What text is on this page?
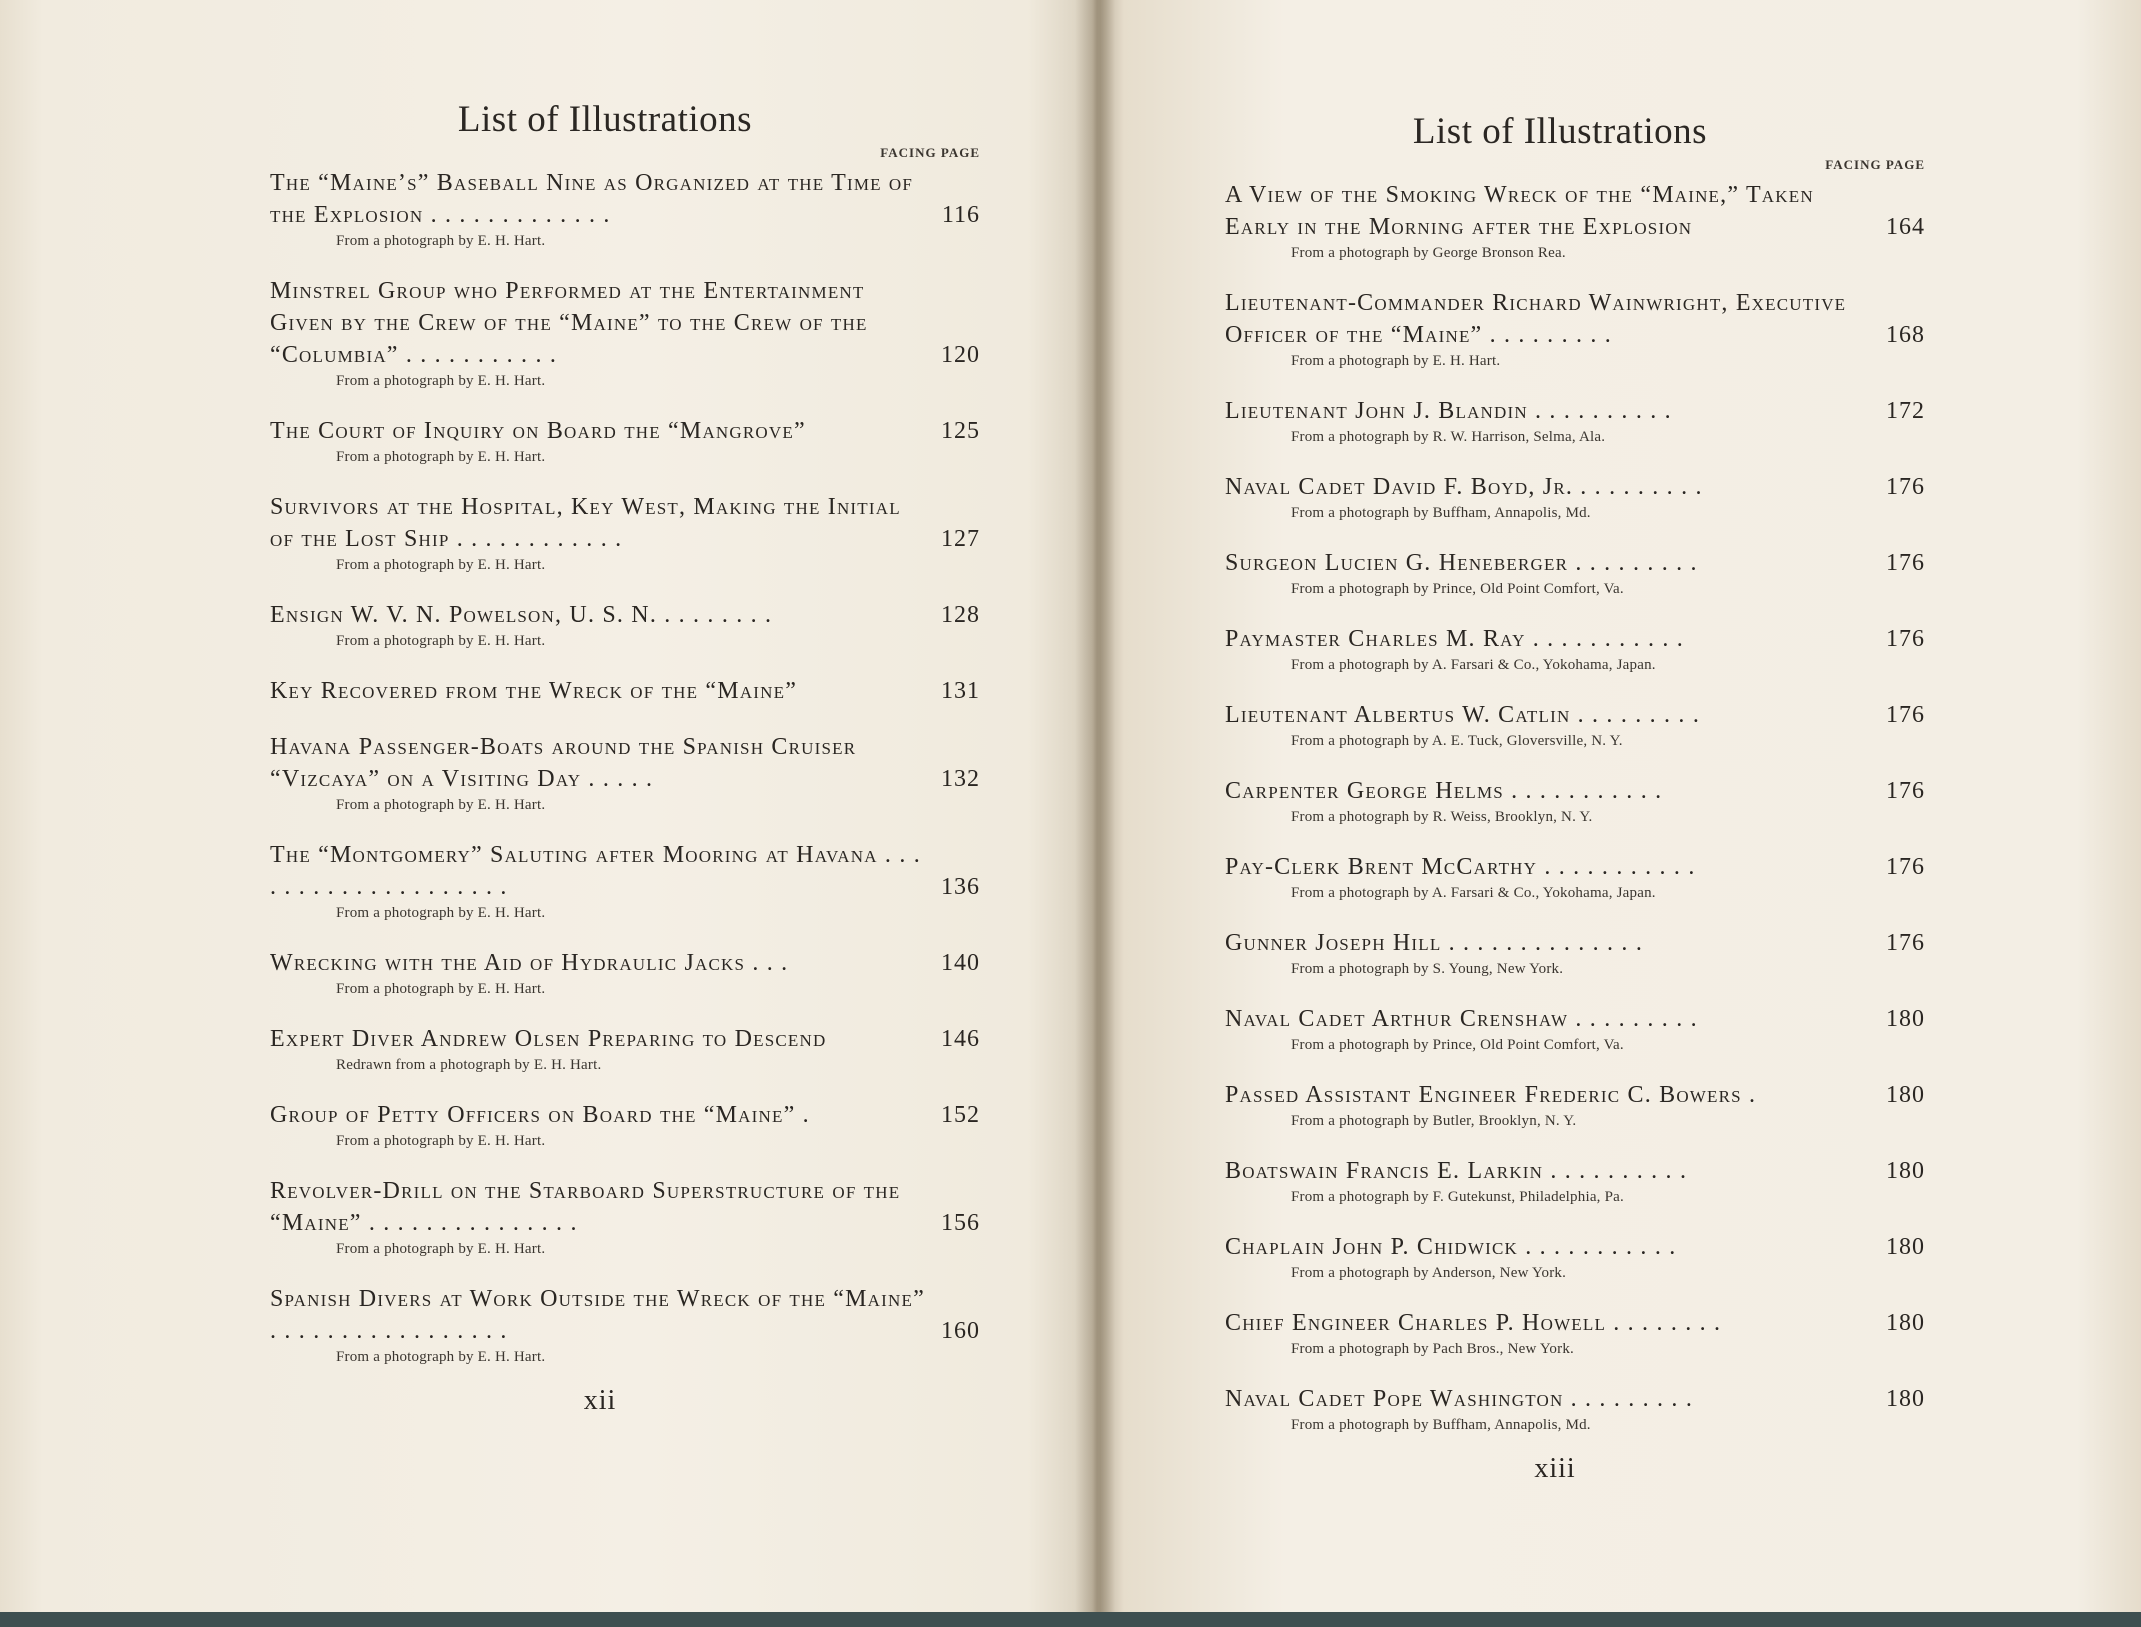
List of Illustrations
FACING PAGE
The “Maine’s” Baseball Nine as Organized at the Time of the Explosion . . . . . . . . . . . . .	116
From a photograph by E. H. Hart.
Minstrel Group who Performed at the Entertainment Given by the Crew of the “Maine” to the Crew of the “Columbia” . . . . . . . . . . .	120
From a photograph by E. H. Hart.
The Court of Inquiry on Board the “Mangrove”	125
From a photograph by E. H. Hart.
Survivors at the Hospital, Key West, Making the Initial of the Lost Ship . . . . . . . . . . . .	127
From a photograph by E. H. Hart.
Ensign W. V. N. Powelson, U. S. N. . . . . . . . .	128
From a photograph by E. H. Hart.
Key Recovered from the Wreck of the “Maine”	131
Havana Passenger-Boats around the Spanish Cruiser “Vizcaya” on a Visiting Day . . . . .	132
From a photograph by E. H. Hart.
The “Montgomery” Saluting after Mooring at Havana . . . . . . . . . . . . . . . . . . . .	136
From a photograph by E. H. Hart.
Wrecking with the Aid of Hydraulic Jacks . . .	140
From a photograph by E. H. Hart.
Expert Diver Andrew Olsen Preparing to Descend	146
Redrawn from a photograph by E. H. Hart.
Group of Petty Officers on Board the “Maine” .	152
From a photograph by E. H. Hart.
Revolver-Drill on the Starboard Superstructure of the “Maine” . . . . . . . . . . . . . . .	156
From a photograph by E. H. Hart.
Spanish Divers at Work Outside the Wreck of the “Maine” . . . . . . . . . . . . . . . . .	160
From a photograph by E. H. Hart.
xii
List of Illustrations
FACING PAGE
A View of the Smoking Wreck of the “Maine,” Taken Early in the Morning after the Explosion	164
From a photograph by George Bronson Rea.
Lieutenant-Commander Richard Wainwright, Executive Officer of the “Maine” . . . . . . . . .	168
From a photograph by E. H. Hart.
Lieutenant John J. Blandin . . . . . . . . . .	172
From a photograph by R. W. Harrison, Selma, Ala.
Naval Cadet David F. Boyd, Jr. . . . . . . . . .	176
From a photograph by Buffham, Annapolis, Md.
Surgeon Lucien G. Heneberger . . . . . . . . .	176
From a photograph by Prince, Old Point Comfort, Va.
Paymaster Charles M. Ray . . . . . . . . . . .	176
From a photograph by A. Farsari & Co., Yokohama, Japan.
Lieutenant Albertus W. Catlin . . . . . . . . .	176
From a photograph by A. E. Tuck, Gloversville, N. Y.
Carpenter George Helms . . . . . . . . . . .	176
From a photograph by R. Weiss, Brooklyn, N. Y.
Pay-Clerk Brent McCarthy . . . . . . . . . . .	176
From a photograph by A. Farsari & Co., Yokohama, Japan.
Gunner Joseph Hill . . . . . . . . . . . . . .	176
From a photograph by S. Young, New York.
Naval Cadet Arthur Crenshaw . . . . . . . . .	180
From a photograph by Prince, Old Point Comfort, Va.
Passed Assistant Engineer Frederic C. Bowers .	180
From a photograph by Butler, Brooklyn, N. Y.
Boatswain Francis E. Larkin . . . . . . . . . .	180
From a photograph by F. Gutekunst, Philadelphia, Pa.
Chaplain John P. Chidwick . . . . . . . . . . .	180
From a photograph by Anderson, New York.
Chief Engineer Charles P. Howell . . . . . . . .	180
From a photograph by Pach Bros., New York.
Naval Cadet Pope Washington . . . . . . . . .	180
From a photograph by Buffham, Annapolis, Md.
xiii
